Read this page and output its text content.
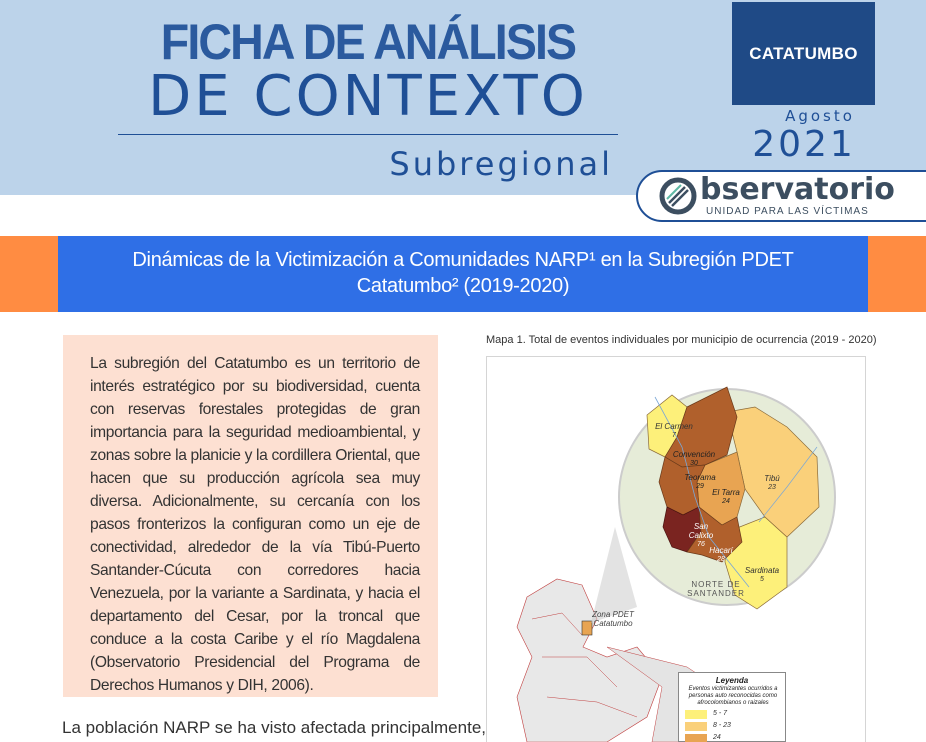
FICHA DE ANÁLISIS
DE CONTEXTO
Subregional
CATATUMBO
Agosto
2021
bservatorio
UNIDAD PARA LAS VÍCTIMAS
Dinámicas de la Victimización a Comunidades NARP¹ en la Subregión PDET
Catatumbo² (2019-2020)
La subregión del Catatumbo es un territorio de interés estratégico por su biodiversidad, cuenta con reservas forestales protegidas de gran importancia para la seguridad medioambiental, y zonas sobre la planicie y la cordillera Oriental, que hacen que su producción agrícola sea muy diversa. Adicionalmente, su cercanía con los pasos fronterizos la configuran como un eje de conectividad, alrededor de la vía Tibú-Puerto Santander-Cúcuta con corredores hacia Venezuela, por la variante a Sardinata, y hacia el departamento del Cesar, por la troncal que conduce a la costa Caribe y el río Magdalena (Observatorio Presidencial del Programa de Derechos Humanos y DIH, 2006).
La población NARP se ha visto afectada principalmente,
Mapa 1. Total de eventos individuales por municipio de ocurrencia (2019 - 2020)
El Carmen
7
Convención
30
Teorama
29
El Tarra
24
Tibú
23
San Calixto
76
Hacarí
28
Sardinata
5
NORTE DE
SANTANDER
Zona PDET
Catatumbo
Leyenda
Eventos victimizantes ocurridos a personas auto reconocidas como afrocolombianos o raizales
5 - 7
8 - 23
24
